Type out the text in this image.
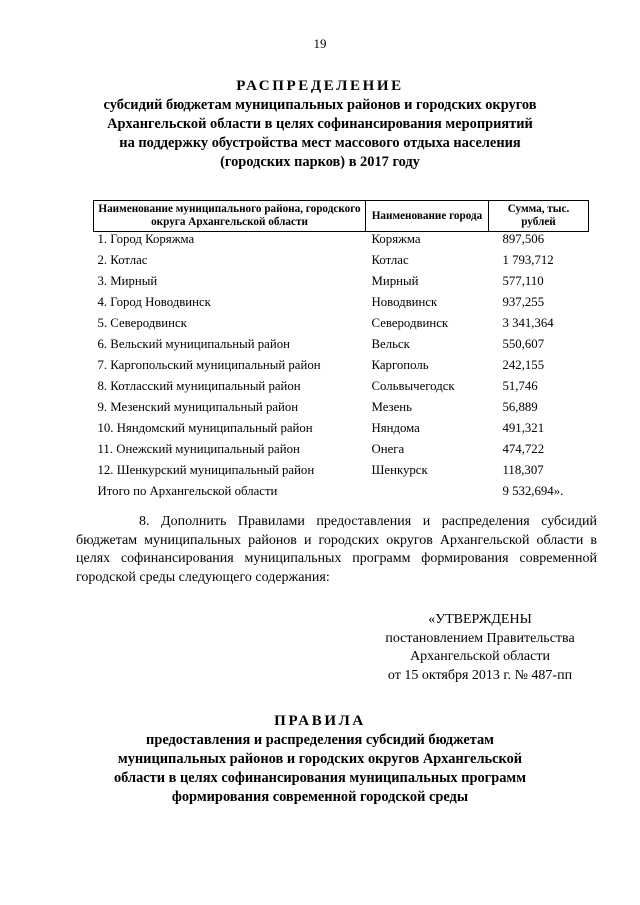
19
РАСПРЕДЕЛЕНИЕ
субсидий бюджетам муниципальных районов и городских округов
Архангельской области в целях софинансирования мероприятий
на поддержку обустройства мест массового отдыха населения
(городских парков) в 2017 году
Наименование муниципального района, городского округа Архангельской области	Наименование города	Сумма, тыс. рублей
1. Город Коряжма	Коряжма	897,506
2. Котлас	Котлас	1 793,712
3. Мирный	Мирный	577,110
4. Город Новодвинск	Новодвинск	937,255
5. Северодвинск	Северодвинск	3 341,364
6. Вельский муниципальный район	Вельск	550,607
7. Каргопольский муниципальный район	Каргополь	242,155
8. Котласский муниципальный район	Сольвычегодск	51,746
9. Мезенский муниципальный район	Мезень	56,889
10. Няндомский муниципальный район	Няндома	491,321
11. Онежский муниципальный район	Онега	474,722
12. Шенкурский муниципальный район	Шенкурск	118,307
Итого по Архангельской области		9 532,694».
8. Дополнить Правилами предоставления и распределения субсидий бюджетам муниципальных районов и городских округов Архангельской области в целях софинансирования муниципальных программ формирования современной городской среды следующего содержания:
«УТВЕРЖДЕНЫ
постановлением Правительства
Архангельской области
от 15 октября 2013 г. № 487-пп
ПРАВИЛА
предоставления и распределения субсидий бюджетам
муниципальных районов и городских округов Архангельской
области в целях софинансирования муниципальных программ
формирования современной городской среды
